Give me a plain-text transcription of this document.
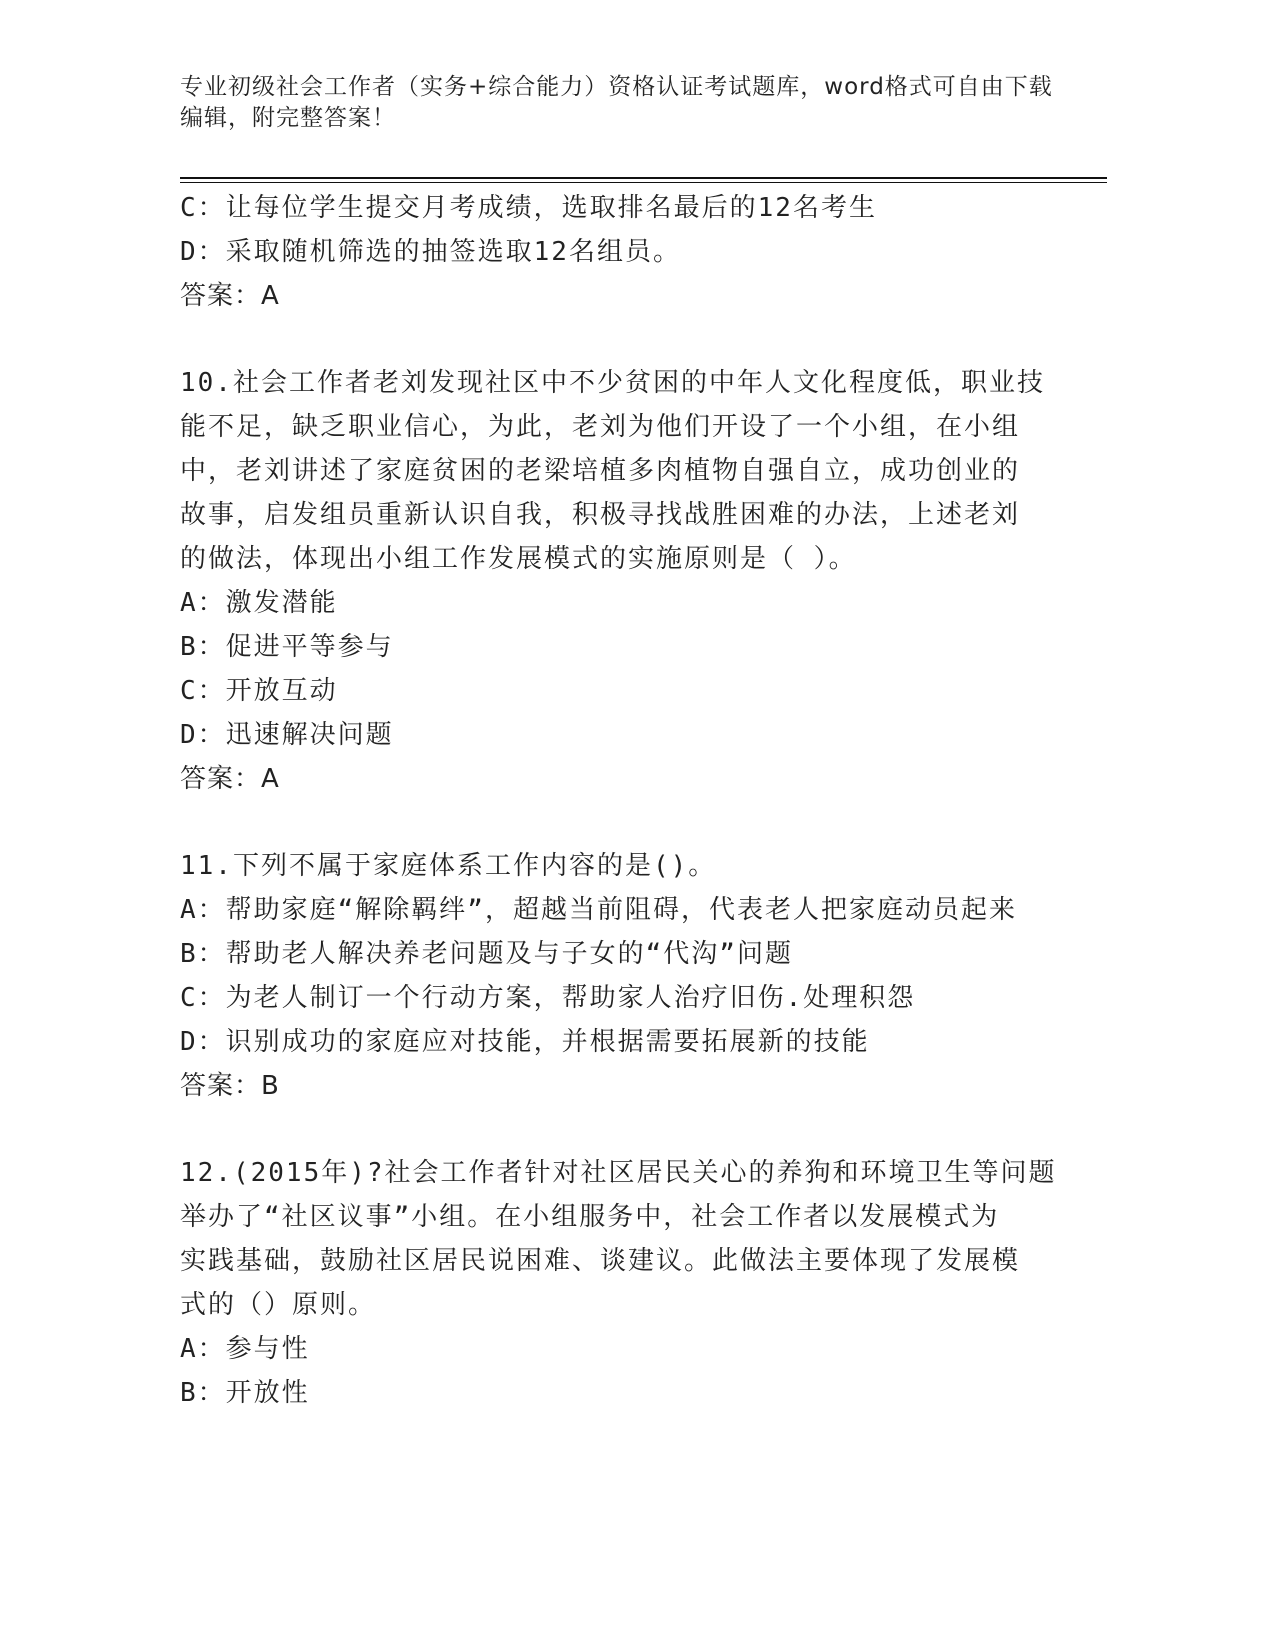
专业初级社会工作者（实务+综合能力）资格认证考试题库，word格式可自由下载
编辑，附完整答案！
C：让每位学生提交月考成绩，选取排名最后的12名考生
D：采取随机筛选的抽签选取12名组员。
答案：A
10.社会工作者老刘发现社区中不少贫困的中年人文化程度低，职业技
能不足，缺乏职业信心，为此，老刘为他们开设了一个小组，在小组
中，老刘讲述了家庭贫困的老梁培植多肉植物自强自立，成功创业的
故事，启发组员重新认识自我，积极寻找战胜困难的办法，上述老刘
的做法，体现出小组工作发展模式的实施原则是（ ）。
A：激发潜能
B：促进平等参与
C：开放互动
D：迅速解决问题
答案：A
11.下列不属于家庭体系工作内容的是()。
A：帮助家庭“解除羁绊”，超越当前阻碍，代表老人把家庭动员起来
B：帮助老人解决养老问题及与子女的“代沟”问题
C：为老人制订一个行动方案，帮助家人治疗旧伤.处理积怨
D：识别成功的家庭应对技能，并根据需要拓展新的技能
答案：B
12.(2015年)?社会工作者针对社区居民关心的养狗和环境卫生等问题
举办了“社区议事”小组。在小组服务中，社会工作者以发展模式为
实践基础，鼓励社区居民说困难、谈建议。此做法主要体现了发展模
式的（）原则。
A：参与性
B：开放性
